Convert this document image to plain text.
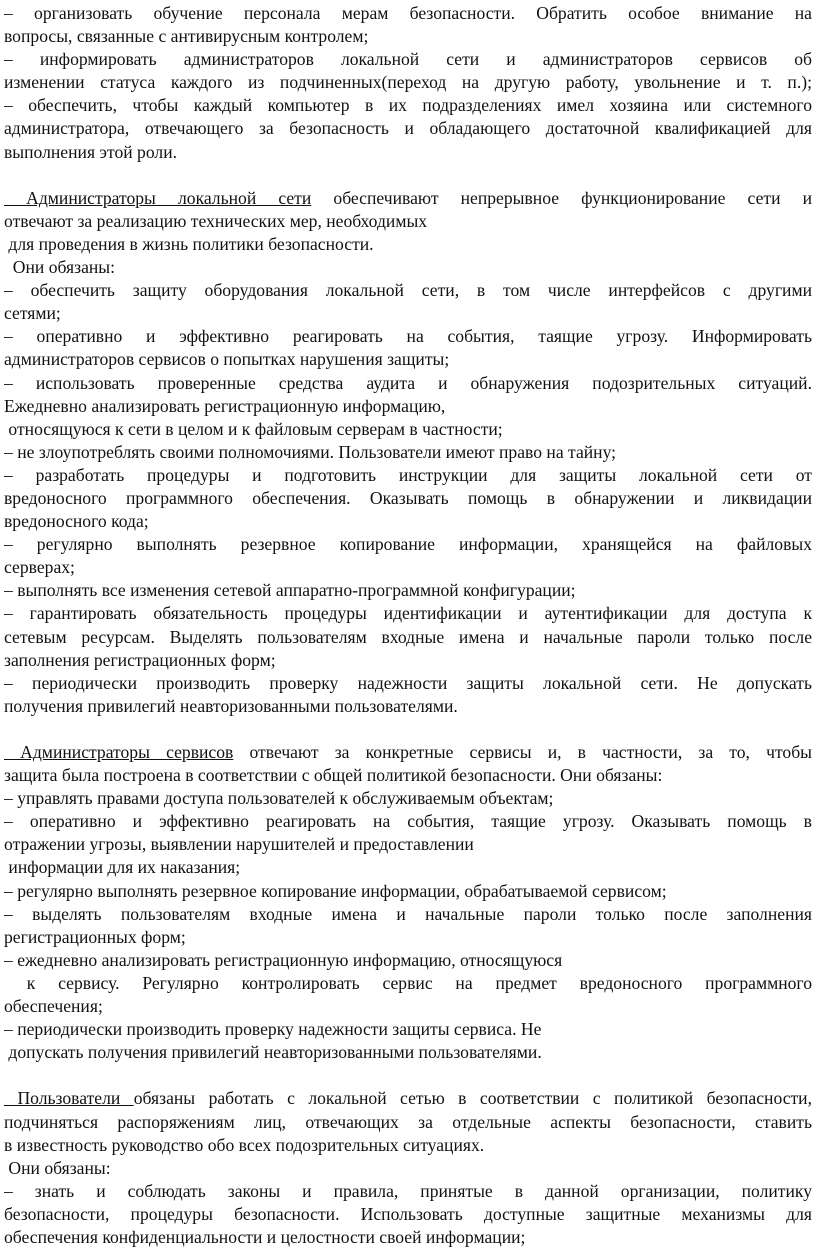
– организовать обучение персонала мерам безопасности. Обратить особое внимание на
вопросы, связанные с антивирусным контролем;
– информировать администраторов локальной сети и администраторов сервисов об
изменении статуса каждого из подчиненных(переход на другую работу, увольнение и т. п.);
– обеспечить, чтобы каждый компьютер в их подразделениях имел хозяина или системного
администратора, отвечающего за безопасность и обладающего достаточной квалификацией для
выполнения этой роли.
Администраторы локальной сети обеспечивают непрерывное функционирование сети и
отвечают за реализацию технических мер, необходимых
для проведения в жизнь политики безопасности.
Они обязаны:
– обеспечить защиту оборудования локальной сети, в том числе интерфейсов с другими
сетями;
– оперативно и эффективно реагировать на события, таящие угрозу. Информировать
администраторов сервисов о попытках нарушения защиты;
– использовать проверенные средства аудита и обнаружения подозрительных ситуаций.
Ежедневно анализировать регистрационную информацию,
относящуюся к сети в целом и к файловым серверам в частности;
– не злоупотреблять своими полномочиями. Пользователи имеют право на тайну;
– разработать процедуры и подготовить инструкции для защиты локальной сети от
вредоносного программного обеспечения. Оказывать помощь в обнаружении и ликвидации
вредоносного кода;
– регулярно выполнять резервное копирование информации, хранящейся на файловых
серверах;
– выполнять все изменения сетевой аппаратно-программной конфигурации;
– гарантировать обязательность процедуры идентификации и аутентификации для доступа к
сетевым ресурсам. Выделять пользователям входные имена и начальные пароли только после
заполнения регистрационных форм;
– периодически производить проверку надежности защиты локальной сети. Не допускать
получения привилегий неавторизованными пользователями.
Администраторы сервисов отвечают за конкретные сервисы и, в частности, за то, чтобы
защита была построена в соответствии с общей политикой безопасности. Они обязаны:
– управлять правами доступа пользователей к обслуживаемым объектам;
– оперативно и эффективно реагировать на события, таящие угрозу. Оказывать помощь в
отражении угрозы, выявлении нарушителей и предоставлении
информации для их наказания;
– регулярно выполнять резервное копирование информации, обрабатываемой сервисом;
– выделять пользователям входные имена и начальные пароли только после заполнения
регистрационных форм;
– ежедневно анализировать регистрационную информацию, относящуюся
к сервису. Регулярно контролировать сервис на предмет вредоносного программного
обеспечения;
– периодически производить проверку надежности защиты сервиса. Не
допускать получения привилегий неавторизованными пользователями.
Пользователи обязаны работать с локальной сетью в соответствии с политикой безопасности,
подчиняться распоряжениям лиц, отвечающих за отдельные аспекты безопасности, ставить
в известность руководство обо всех подозрительных ситуациях.
Они обязаны:
– знать и соблюдать законы и правила, принятые в данной организации, политику
безопасности, процедуры безопасности. Использовать доступные защитные механизмы для
обеспечения конфиденциальности и целостности своей информации;
